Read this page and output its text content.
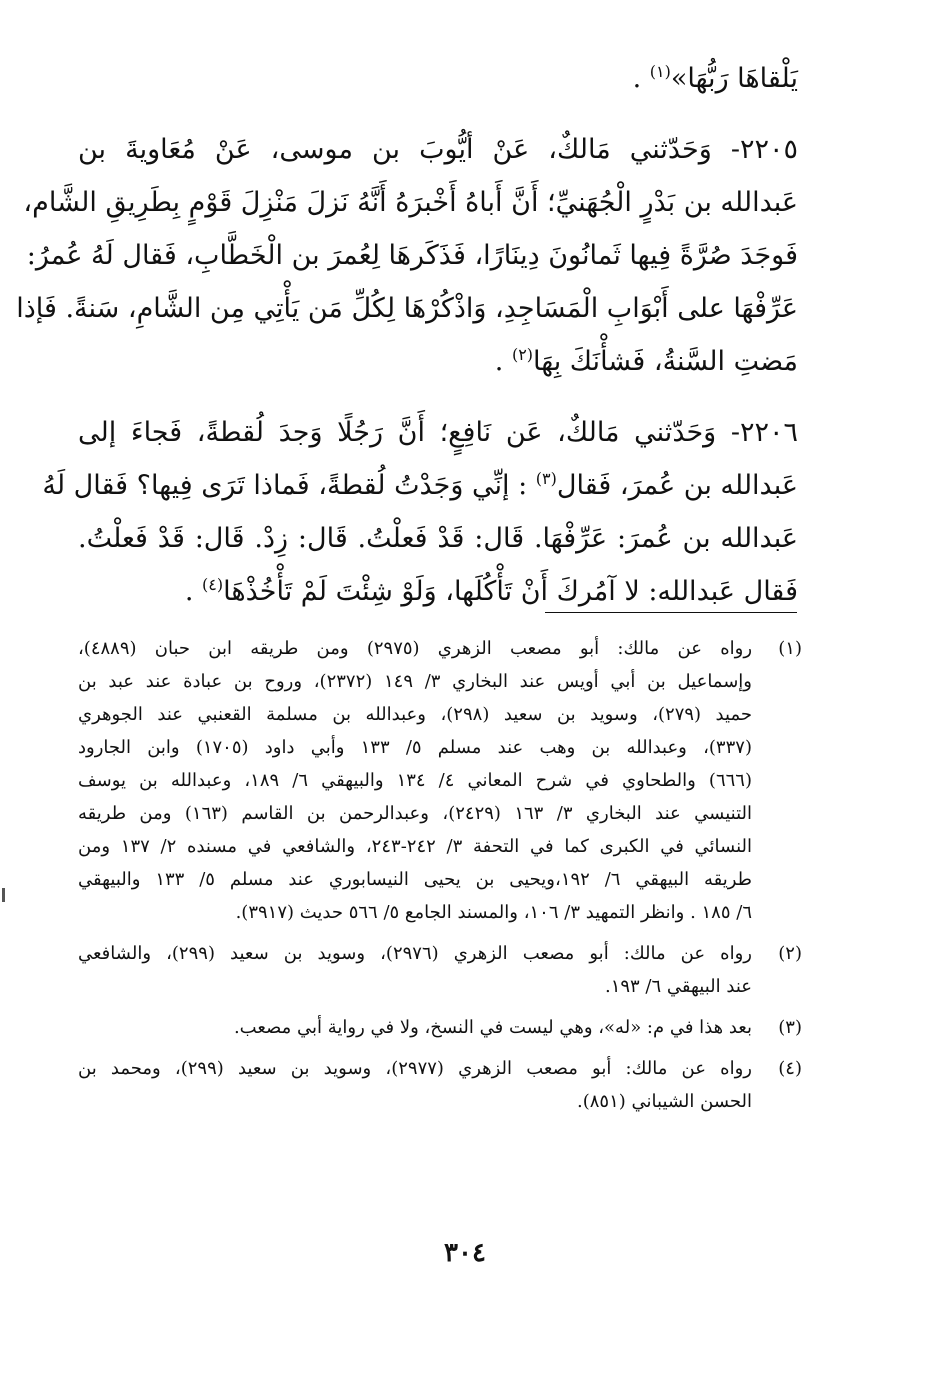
يَلْقاهَا رَبُّهَا»$^{(١)}$ .
٢٢٠٥- وَحَدّثني مَالكٌ، عَنْ أيُّوبَ بن موسى، عَنْ مُعَاويةَ بن
عَبدالله بن بَدْرٍ الْجُهَنيِّ؛ أَنَّ أَباهُ أَخْبرَهُ أَنَّهُ نَزلَ مَنْزِلَ قَوْمٍ بِطَرِيقِ الشَّام،
فَوجَدَ صُرَّةً فِيها ثَمانُونَ دِينَارًا، فَذَكَرهَا لِعُمرَ بن الْخَطَّابِ، فَقال لَهُ عُمرُ:
عَرِّفْهَا على أَبْوَابِ الْمَسَاجِدِ، وَاذْكُرْهَا لِكُلِّ مَن يَأْتِي مِن الشَّامِ، سَنةً. فَإذا
مَضتِ السَّنةُ، فَشأْنَكَ بِهَا$^{(٢)}$ .
٢٢٠٦- وَحَدّثني مَالكٌ، عَن نَافِعٍ؛ أَنَّ رَجُلًا وَجدَ لُقطةً، فَجاءَ إلى
عَبدالله بن عُمرَ، فَقال$^{(٣)}$ : إنِّي وَجَدْتُ لُقطةً، فَماذا تَرَى فِيها؟ فَقال لَهُ
عَبدالله بن عُمرَ: عَرِّفْهَا. قَال: قَدْ فَعلْتُ. قَال: زِدْ. قَال: قَدْ فَعلْتُ.
فَقال عَبدالله: لا آمُركَ أَنْ تَأْكُلَها، وَلَوْ شِئْتَ لَمْ تَأْخُذْهَا$^{(٤)}$ .
(١)
رواه عن مالك: أبو مصعب الزهري (٢٩٧٥) ومن طريقه ابن حبان (٤٨٨٩)،
وإسماعيل بن أبي أويس عند البخاري ٣/ ١٤٩ (٢٣٧٢)، وروح بن عبادة عند عبد بن
حميد (٢٧٩)، وسويد بن سعيد (٢٩٨)، وعبدالله بن مسلمة القعنبي عند الجوهري
(٣٣٧)، وعبدالله بن وهب عند مسلم ٥/ ١٣٣ وأبي داود (١٧٠٥) وابن الجارود
(٦٦٦) والطحاوي في شرح المعاني ٤/ ١٣٤ والبيهقي ٦/ ١٨٩، وعبدالله بن يوسف
التنيسي عند البخاري ٣/ ١٦٣ (٢٤٢٩)، وعبدالرحمن بن القاسم (١٦٣) ومن طريقه
النسائي في الكبرى كما في التحفة ٣/ ٢٤٢-٢٤٣، والشافعي في مسنده ٢/ ١٣٧ ومن
طريقه البيهقي ٦/ ١٩٢،ويحيى بن يحيى النيسابوري عند مسلم ٥/ ١٣٣ والبيهقي
٦/ ١٨٥ . وانظر التمهيد ٣/ ١٠٦، والمسند الجامع ٥/ ٥٦٦ حديث (٣٩١٧).
(٢)
رواه عن مالك: أبو مصعب الزهري (٢٩٧٦)، وسويد بن سعيد (٢٩٩)، والشافعي
عند البيهقي ٦/ ١٩٣.
(٣)
بعد هذا في م: «له»، وهي ليست في النسخ، ولا في رواية أبي مصعب.
(٤)
رواه عن مالك: أبو مصعب الزهري (٢٩٧٧)، وسويد بن سعيد (٢٩٩)، ومحمد بن
الحسن الشيباني (٨٥١).
٣٠٤
